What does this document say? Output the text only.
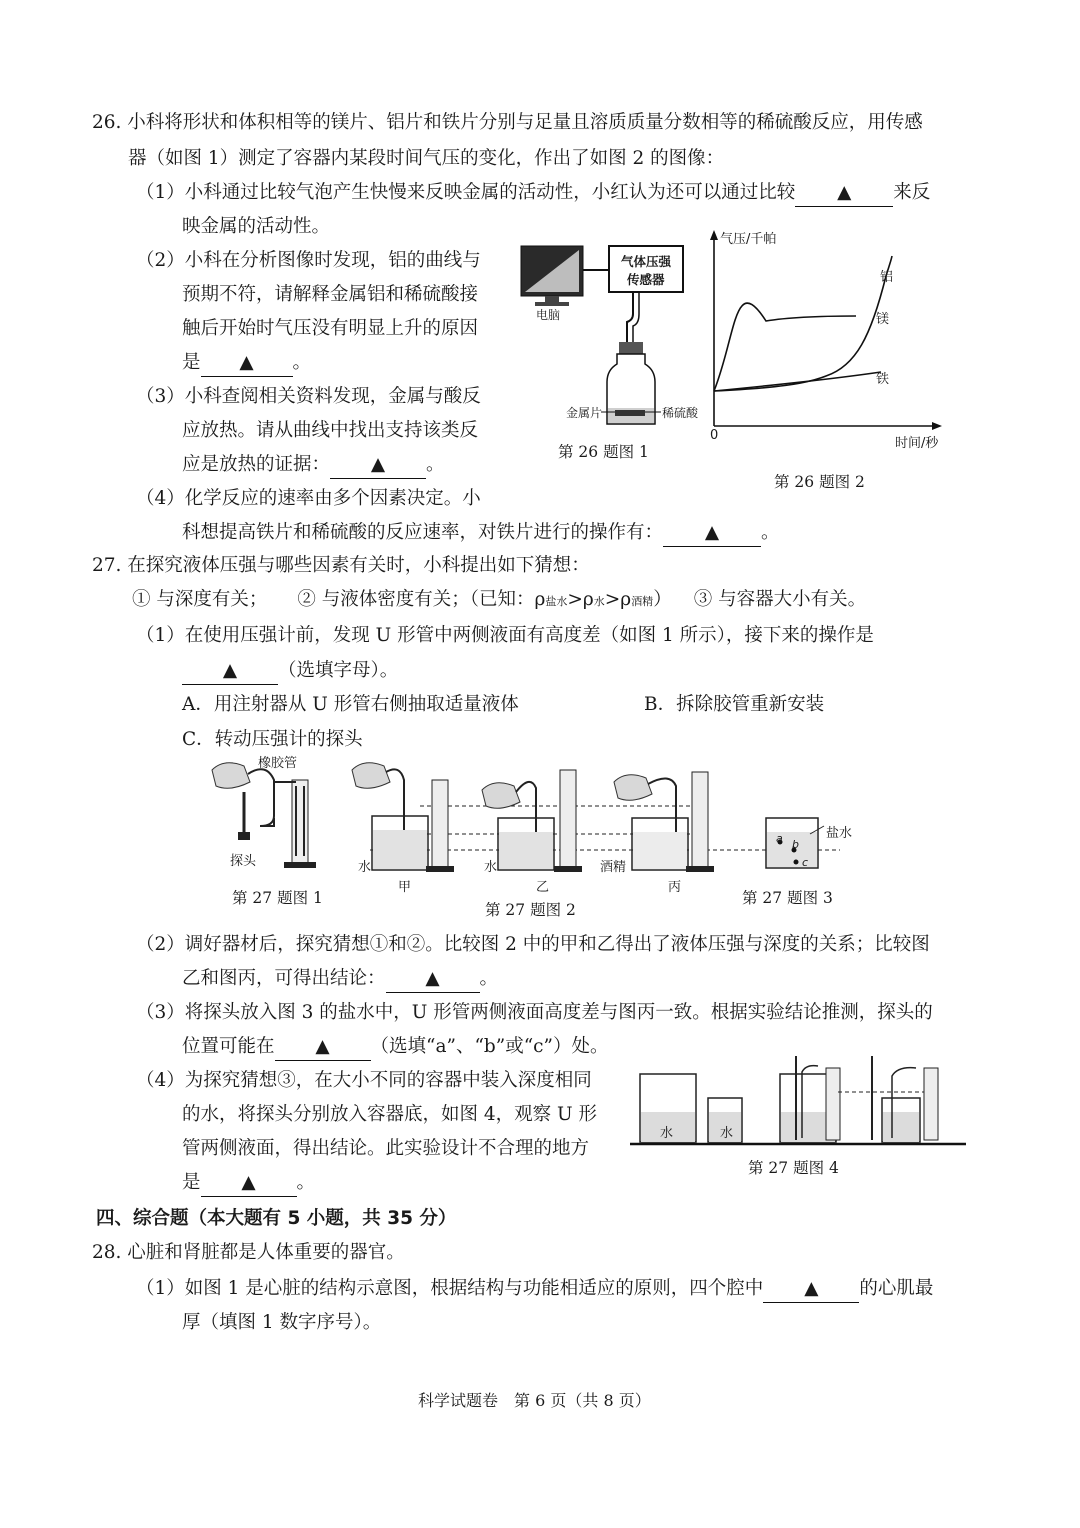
26. 小科将形状和体积相等的镁片、铝片和铁片分别与足量且溶质质量分数相等的稀硫酸反应，用传感
器（如图 1）测定了容器内某段时间气压的变化，作出了如图 2 的图像：
（1）小科通过比较气泡产生快慢来反映金属的活动性，小红认为还可以通过比较 ▲ 来反
映金属的活动性。
（2）小科在分析图像时发现，铝的曲线与
预期不符，请解释金属铝和稀硫酸接
触后开始时气压没有明显上升的原因
是 ▲ 。
（3）小科查阅相关资料发现，金属与酸反
应放热。请从曲线中找出支持该类反
应是放热的证据： ▲ 。
（4）化学反应的速率由多个因素决定。小
科想提高铁片和稀硫酸的反应速率，对铁片进行的操作有： ▲ 。
电脑
气体压强
传感器
金属片	稀硫酸
第 26 题图 1
气压/千帕
时间/秒
0
铝
镁
铁
第 26 题图 2
27. 在探究液体压强与哪些因素有关时，小科提出如下猜想：
① 与深度有关； ② 与液体密度有关；（已知：ρ盐水>ρ水>ρ酒精） ③ 与容器大小有关。
（1）在使用压强计前，发现 U 形管中两侧液面有高度差（如图 1 所示），接下来的操作是
▲ （选填字母）。
A．用注射器从 U 形管右侧抽取适量液体	B．拆除胶管重新安装
C．转动压强计的探头
橡胶管
探头	水	水	酒精
盐水
a b
c
甲	乙	丙
第 27 题图 1
第 27 题图 2
第 27 题图 3
（2）调好器材后，探究猜想①和②。比较图 2 中的甲和乙得出了液体压强与深度的关系；比较图
乙和图丙，可得出结论： ▲ 。
（3）将探头放入图 3 的盐水中，U 形管两侧液面高度差与图丙一致。根据实验结论推测，探头的
位置可能在 ▲ （选填“a”、“b”或“c”）处。
（4）为探究猜想③，在大小不同的容器中装入深度相同
的水，将探头分别放入容器底，如图 4，观察 U 形
管两侧液面，得出结论。此实验设计不合理的地方
是 ▲ 。
水	水
第 27 题图 4
四、综合题（本大题有 5 小题，共 35 分）
28. 心脏和肾脏都是人体重要的器官。
（1）如图 1 是心脏的结构示意图，根据结构与功能相适应的原则，四个腔中 ▲ 的心肌最
厚（填图 1 数字序号）。
科学试题卷　第 6 页（共 8 页）
